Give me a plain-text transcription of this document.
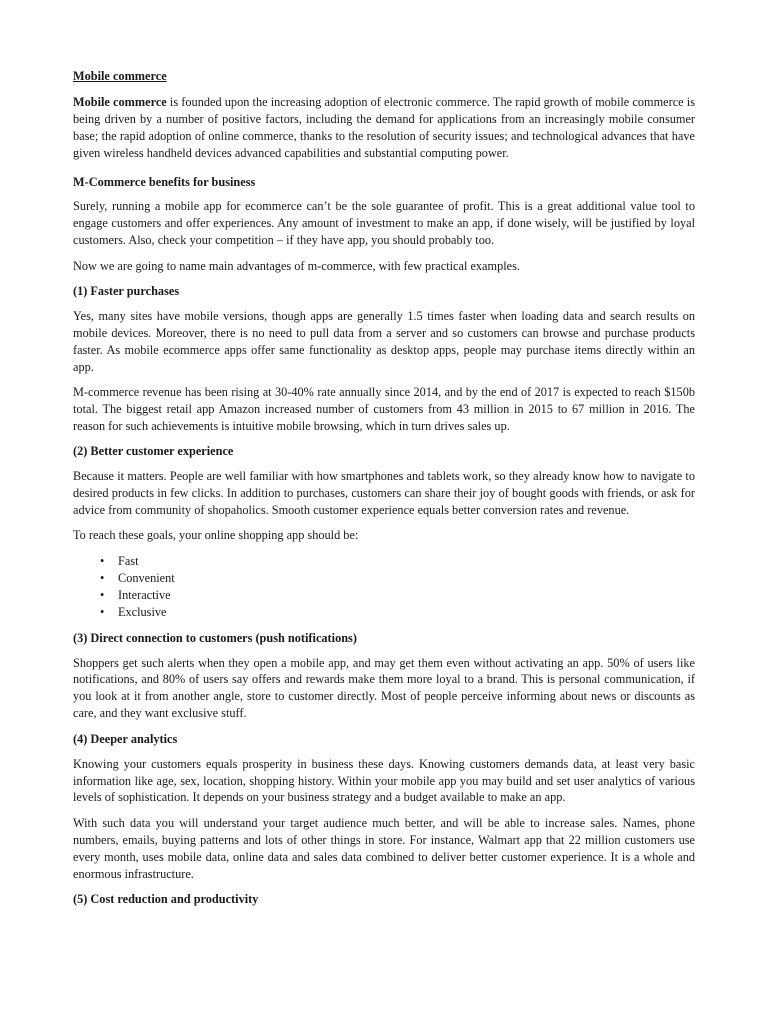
Mobile commerce

Mobile commerce is founded upon the increasing adoption of electronic commerce. The rapid growth of mobile commerce is being driven by a number of positive factors, including the demand for applications from an increasingly mobile consumer base; the rapid adoption of online commerce, thanks to the resolution of security issues; and technological advances that have given wireless handheld devices advanced capabilities and substantial computing power.

M-Commerce benefits for business

Surely, running a mobile app for ecommerce can’t be the sole guarantee of profit. This is a great additional value tool to engage customers and offer experiences. Any amount of investment to make an app, if done wisely, will be justified by loyal customers. Also, check your competition – if they have app, you should probably too.

Now we are going to name main advantages of m-commerce, with few practical examples.

(1) Faster purchases

Yes, many sites have mobile versions, though apps are generally 1.5 times faster when loading data and search results on mobile devices. Moreover, there is no need to pull data from a server and so customers can browse and purchase products faster. As mobile ecommerce apps offer same functionality as desktop apps, people may purchase items directly within an app.

M-commerce revenue has been rising at 30-40% rate annually since 2014, and by the end of 2017 is expected to reach $150b total. The biggest retail app Amazon increased number of customers from 43 million in 2015 to 67 million in 2016. The reason for such achievements is intuitive mobile browsing, which in turn drives sales up.

(2) Better customer experience

Because it matters. People are well familiar with how smartphones and tablets work, so they already know how to navigate to desired products in few clicks. In addition to purchases, customers can share their joy of bought goods with friends, or ask for advice from community of shopaholics. Smooth customer experience equals better conversion rates and revenue.

To reach these goals, your online shopping app should be:

• Fast
• Convenient
• Interactive
• Exclusive
(3) Direct connection to customers (push notifications)

Shoppers get such alerts when they open a mobile app, and may get them even without activating an app. 50% of users like notifications, and 80% of users say offers and rewards make them more loyal to a brand. This is personal communication, if you look at it from another angle, store to customer directly. Most of people perceive informing about news or discounts as care, and they want exclusive stuff.

(4) Deeper analytics

Knowing your customers equals prosperity in business these days. Knowing customers demands data, at least very basic information like age, sex, location, shopping history. Within your mobile app you may build and set user analytics of various levels of sophistication. It depends on your business strategy and a budget available to make an app.

With such data you will understand your target audience much better, and will be able to increase sales. Names, phone numbers, emails, buying patterns and lots of other things in store. For instance, Walmart app that 22 million customers use every month, uses mobile data, online data and sales data combined to deliver better customer experience. It is a whole and enormous infrastructure.

(5) Cost reduction and productivity
